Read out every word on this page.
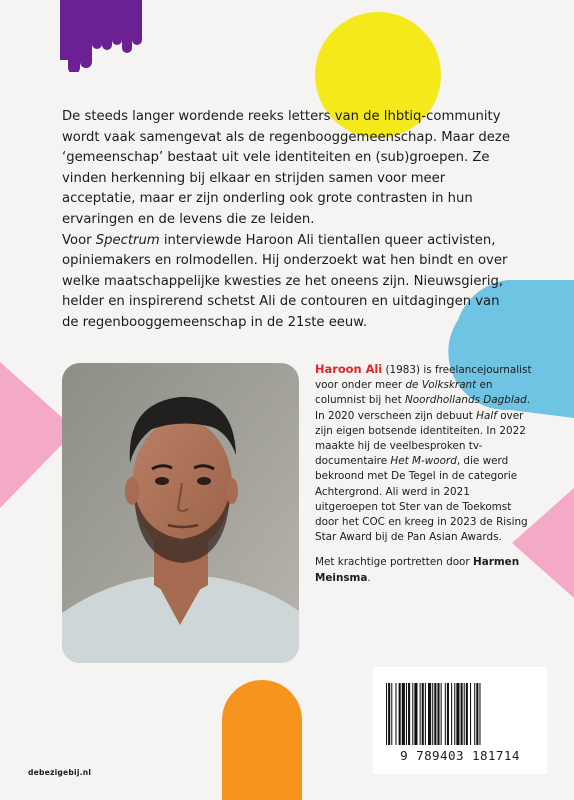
De steeds langer wordende reeks letters van de lhbtiq-community wordt vaak samengevat als de regenbooggemeenschap. Maar deze ‘gemeenschap’ bestaat uit vele identiteiten en (sub)groepen. Ze vinden herkenning bij elkaar en strijden samen voor meer acceptatie, maar er zijn onderling ook grote contrasten in hun ervaringen en de levens die ze leiden.

Voor Spectrum interviewde Haroon Ali tientallen queer activisten, opiniemakers en rolmodellen. Hij onderzoekt wat hen bindt en over welke maatschappelijke kwesties ze het oneens zijn. Nieuwsgierig, helder en inspirerend schetst Ali de contouren en uitdagingen van de regenbooggemeenschap in de 21ste eeuw.

Haroon Ali (1983) is freelancejournalist voor onder meer de Volkskrant en columnist bij het Noordhollands Dagblad. In 2020 verscheen zijn debuut Half over zijn eigen botsende identiteiten. In 2022 maakte hij de veelbesproken tv-documentaire Het M-woord, die werd bekroond met De Tegel in de categorie Achtergrond. Ali werd in 2021 uitgeroepen tot Ster van de Toekomst door het COC en kreeg in 2023 de Rising Star Award bij de Pan Asian Awards.

Met krachtige portretten door Harmen Meinsma.

9 789403 181714
debezigebij.nl
